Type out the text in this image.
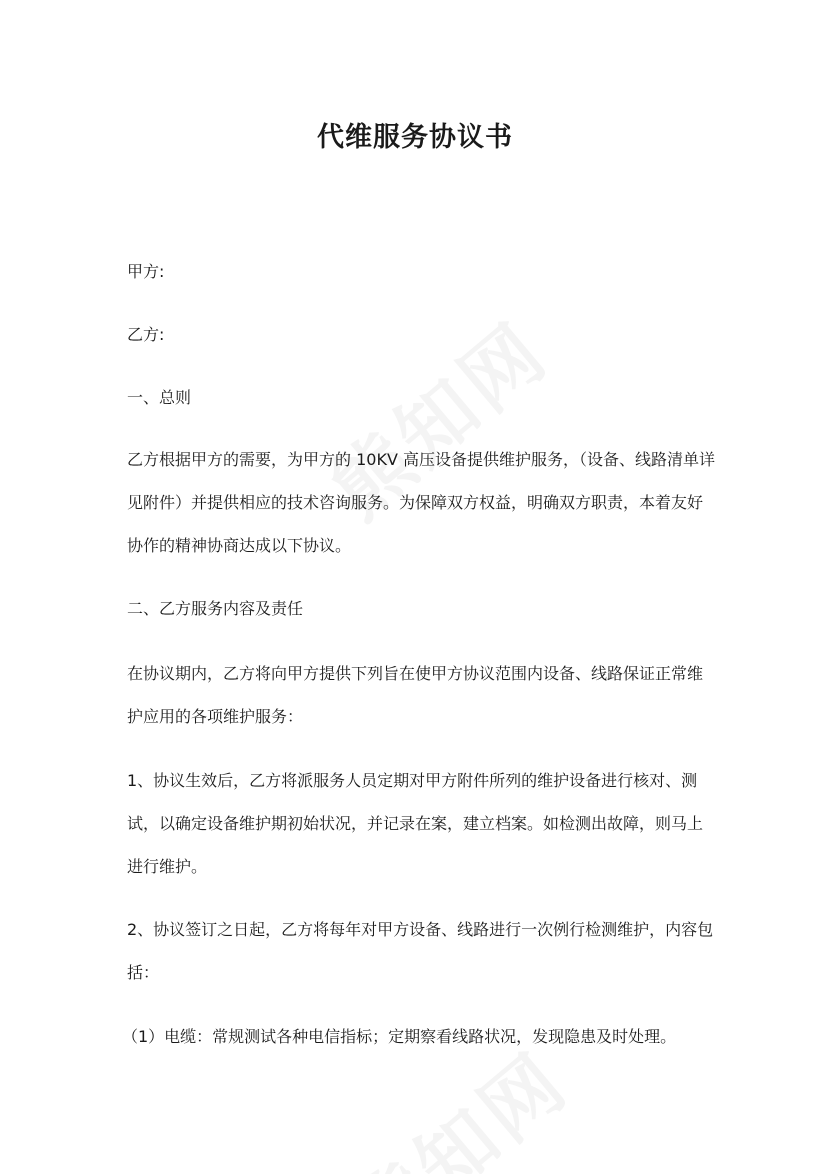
代维服务协议书

甲方:

乙方:

一、总则

乙方根据甲方的需要，为甲方的 10KV 高压设备提供维护服务，（设备、线路清单详见附件）并提供相应的技术咨询服务。为保障双方权益，明确双方职责，本着友好协作的精神协商达成以下协议。

二、乙方服务内容及责任

在协议期内，乙方将向甲方提供下列旨在使甲方协议范围内设备、线路保证正常维护应用的各项维护服务：

1、协议生效后，乙方将派服务人员定期对甲方附件所列的维护设备进行核对、测试，以确定设备维护期初始状况，并记录在案，建立档案。如检测出故障，则马上进行维护。

2、协议签订之日起，乙方将每年对甲方设备、线路进行一次例行检测维护，内容包括：

（1）电缆：常规测试各种电信指标；定期察看线路状况，发现隐患及时处理。
